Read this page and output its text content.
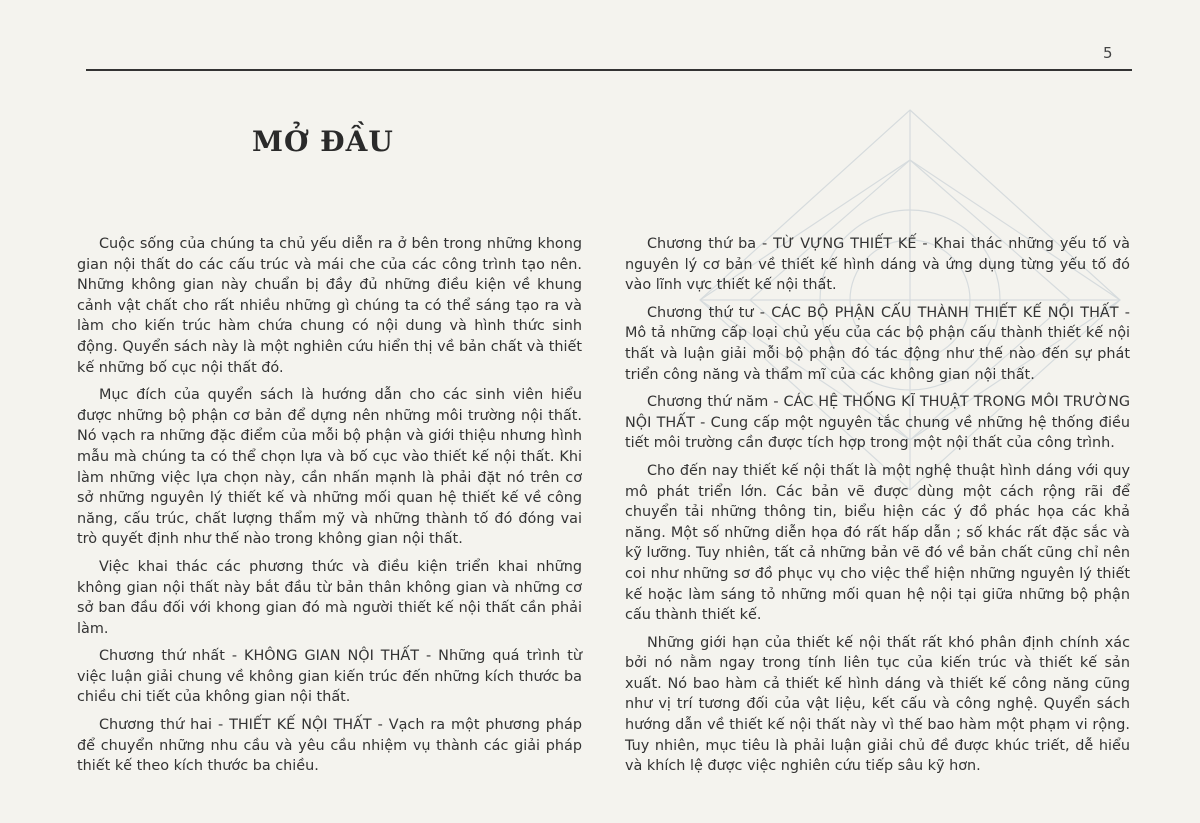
5
MỞ ĐẦU

Cuộc sống của chúng ta chủ yếu diễn ra ở bên trong những khong gian nội thất do các cấu trúc và mái che của các công trình tạo nên. Những không gian này chuẩn bị đầy đủ những điều kiện về khung cảnh vật chất cho rất nhiều những gì chúng ta có thể sáng tạo ra và làm cho kiến trúc hàm chứa chung có nội dung và hình thức sinh động. Quyển sách này là một nghiên cứu hiển thị về bản chất và thiết kế những bố cục nội thất đó.

Mục đích của quyển sách là hướng dẫn cho các sinh viên hiểu được những bộ phận cơ bản để dựng nên những môi trường nội thất. Nó vạch ra những đặc điểm của mỗi bộ phận và giới thiệu nhưng hình mẫu mà chúng ta có thể chọn lựa và bố cục vào thiết kế nội thất. Khi làm những việc lựa chọn này, cần nhấn mạnh là phải đặt nó trên cơ sở những nguyên lý thiết kế và những mối quan hệ thiết kế về công năng, cấu trúc, chất lượng thẩm mỹ và những thành tố đó đóng vai trò quyết định như thế nào trong không gian nội thất.

Việc khai thác các phương thức và điều kiện triển khai những không gian nội thất này bắt đầu từ bản thân không gian và những cơ sở ban đầu đối với khong gian đó mà người thiết kế nội thất cần phải làm.

Chương thứ nhất - KHÔNG GIAN NỘI THẤT - Những quá trình từ việc luận giải chung về không gian kiến trúc đến những kích thước ba chiều chi tiết của không gian nội thất.

Chương thứ hai - THIẾT KẾ NỘI THẤT - Vạch ra một phương pháp để chuyển những nhu cầu và yêu cầu nhiệm vụ thành các giải pháp thiết kế theo kích thước ba chiều.

Chương thứ ba - TỪ VỰNG THIẾT KẾ - Khai thác những yếu tố và nguyên lý cơ bản về thiết kế hình dáng và ứng dụng từng yếu tố đó vào lĩnh vực thiết kế nội thất.

Chương thứ tư - CÁC BỘ PHẬN CẤU THÀNH THIẾT KẾ NỘI THẤT - Mô tả những cấp loại chủ yếu của các bộ phận cấu thành thiết kế nội thất và luận giải mỗi bộ phận đó tác động như thế nào đến sự phát triển công năng và thẩm mĩ của các không gian nội thất.

Chương thứ năm - CÁC HỆ THỐNG KĨ THUẬT TRONG MÔI TRƯỜNG NỘI THẤT - Cung cấp một nguyên tắc chung về những hệ thống điều tiết môi trường cần được tích hợp trong một nội thất của công trình.

Cho đến nay thiết kế nội thất là một nghệ thuật hình dáng với quy mô phát triển lớn. Các bản vẽ được dùng một cách rộng rãi để chuyển tải những thông tin, biểu hiện các ý đồ phác họa các khả năng. Một số những diễn họa đó rất hấp dẫn ; số khác rất đặc sắc và kỹ lưỡng. Tuy nhiên, tất cả những bản vẽ đó về bản chất cũng chỉ nên coi như những sơ đồ phục vụ cho việc thể hiện những nguyên lý thiết kế hoặc làm sáng tỏ những mối quan hệ nội tại giữa những bộ phận cấu thành thiết kế.

Những giới hạn của thiết kế nội thất rất khó phân định chính xác bởi nó nằm ngay trong tính liên tục của kiến trúc và thiết kế sản xuất. Nó bao hàm cả thiết kế hình dáng và thiết kế công năng cũng như vị trí tương đối của vật liệu, kết cấu và công nghệ. Quyển sách hướng dẫn về thiết kế nội thất này vì thế bao hàm một phạm vi rộng. Tuy nhiên, mục tiêu là phải luận giải chủ đề được khúc triết, dễ hiểu và khích lệ được việc nghiên cứu tiếp sâu kỹ hơn.
